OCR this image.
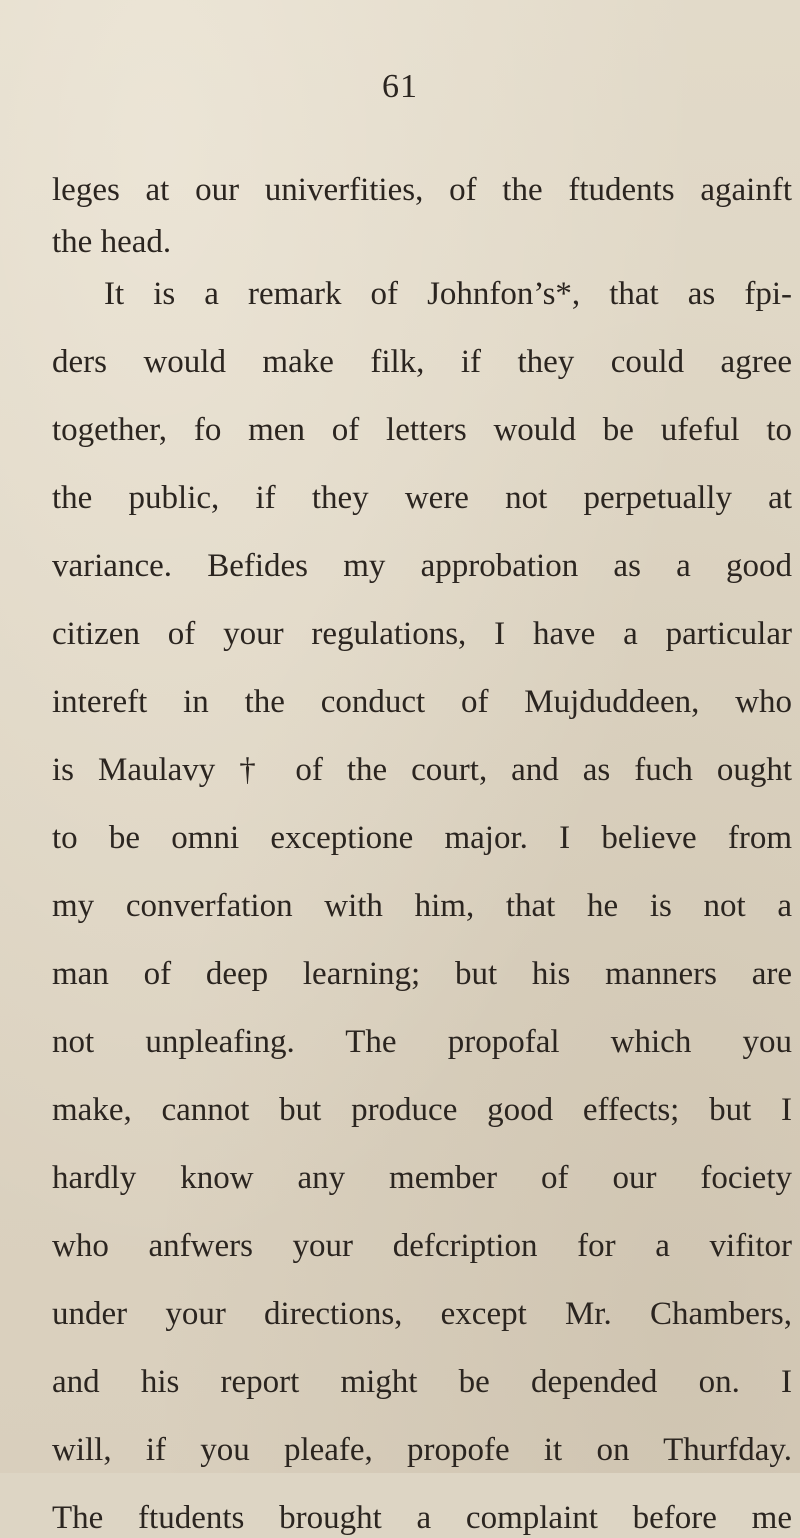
61
leges at our univerfities, of the ftudents againft
the head.
It is a remark of Johnfon’s*, that as fpi-
ders would make filk, if they could agree
together, fo men of letters would be ufeful to
the public, if they were not perpetually at
variance. Befides my approbation as a good
citizen of your regulations, I have a particular
intereft in the conduct of Mujduddeen, who
is Maulavy † of the court, and as fuch ought
to be omni exceptione major. I believe from
my converfation with him, that he is not a
man of deep learning; but his manners are
not unpleafing. The propofal which you
make, cannot but produce good effects; but I
hardly know any member of our fociety
who anfwers your defcription for a vifitor
under your directions, except Mr. Chambers,
and his report might be depended on. I
will, if you pleafe, propofe it on Thurfday.
The ftudents brought a complaint before me
